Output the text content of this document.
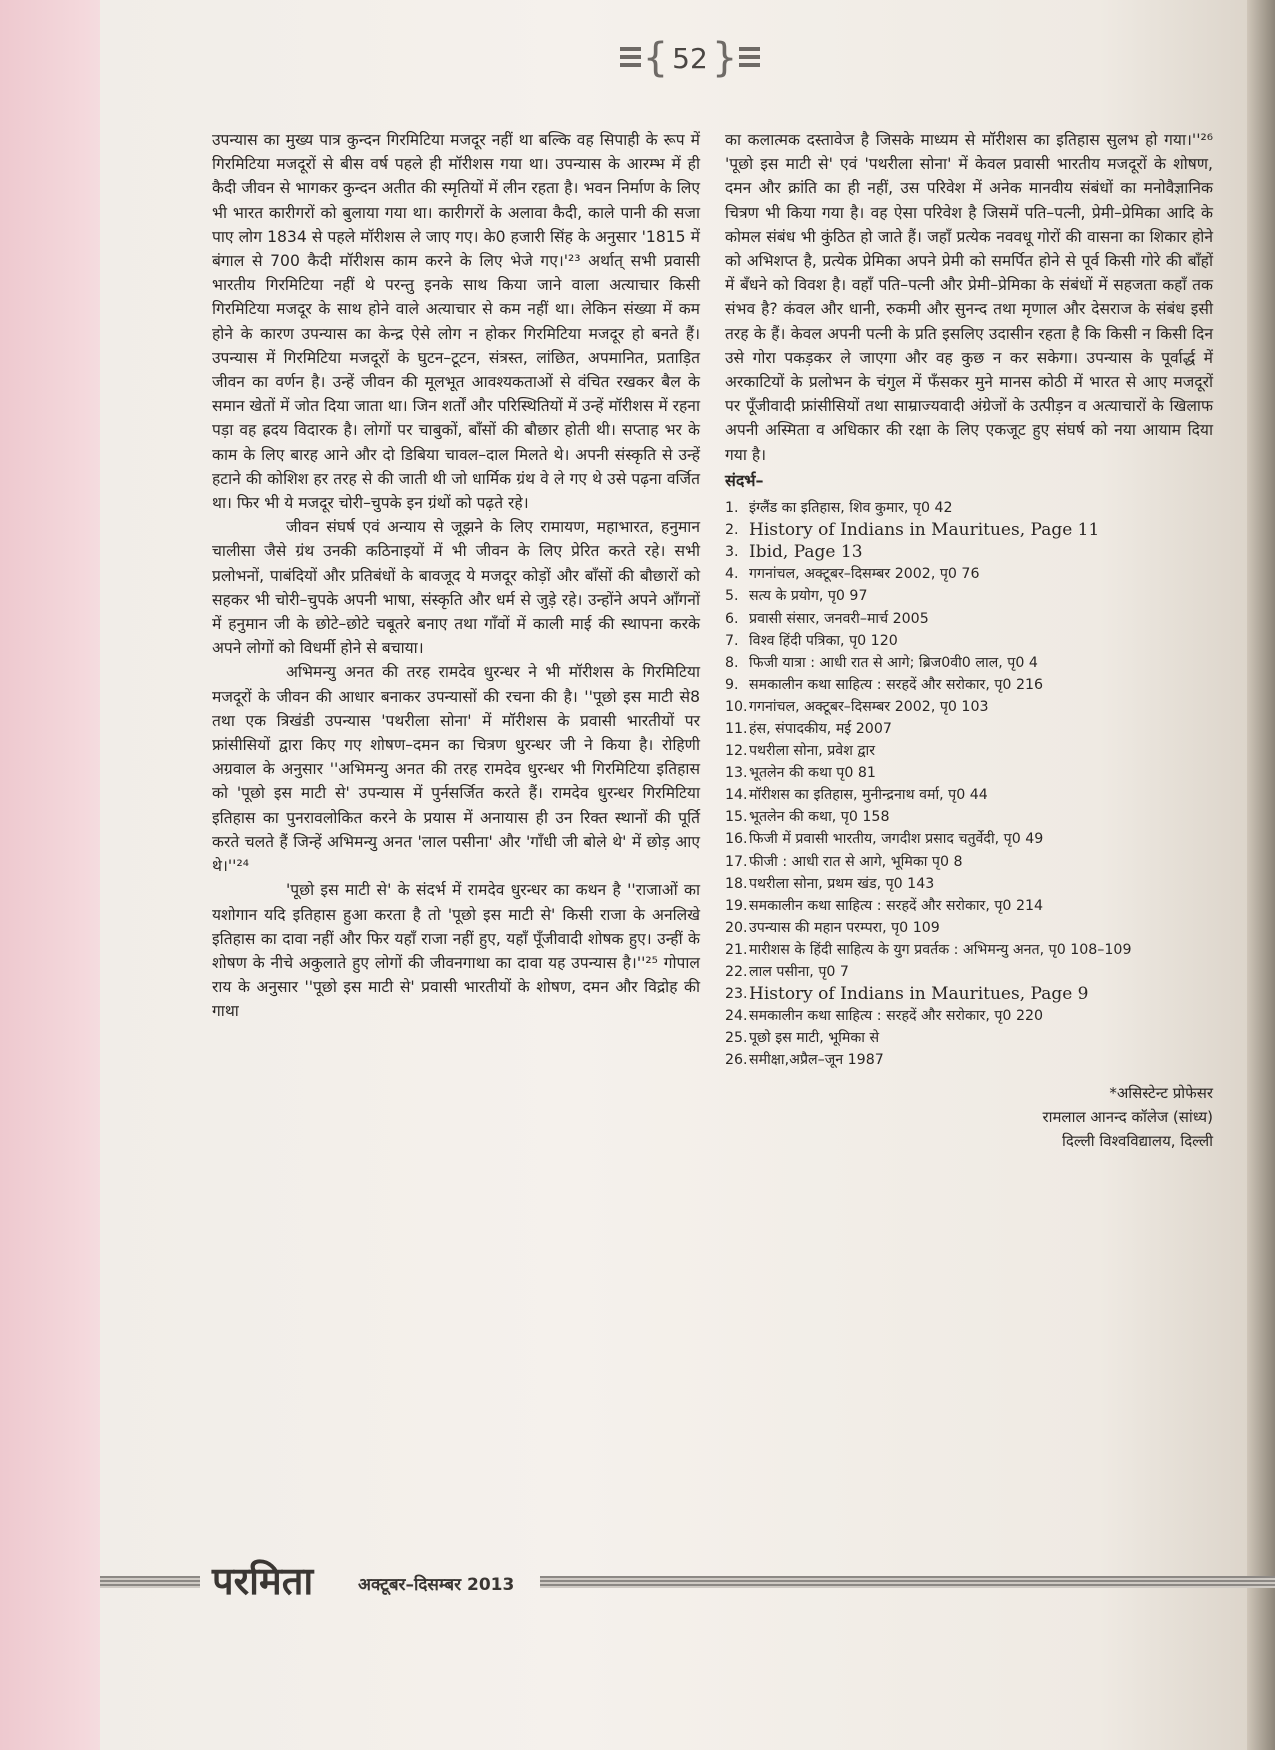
{ 52 }

उपन्यास का मुख्य पात्र कुन्दन गिरमिटिया मजदूर नहीं था बल्कि वह सिपाही के रूप में गिरमिटिया मजदूरों से बीस वर्ष पहले ही मॉरीशस गया था। उपन्यास के आरम्भ में ही कैदी जीवन से भागकर कुन्दन अतीत की स्मृतियों में लीन रहता है। भवन निर्माण के लिए भी भारत कारीगरों को बुलाया गया था। कारीगरों के अलावा कैदी, काले पानी की सजा पाए लोग 1834 से पहले मॉरीशस ले जाए गए। के0 हजारी सिंह के अनुसार '1815 में बंगाल से 700 कैदी मॉरीशस काम करने के लिए भेजे गए।'²³ अर्थात् सभी प्रवासी भारतीय गिरमिटिया नहीं थे परन्तु इनके साथ किया जाने वाला अत्याचार किसी गिरमिटिया मजदूर के साथ होने वाले अत्याचार से कम नहीं था। लेकिन संख्या में कम होने के कारण उपन्यास का केन्द्र ऐसे लोग न होकर गिरमिटिया मजदूर हो बनते हैं। उपन्यास में गिरमिटिया मजदूरों के घुटन–टूटन, संत्रस्त, लांछित, अपमानित, प्रताड़ित जीवन का वर्णन है। उन्हें जीवन की मूलभूत आवश्यकताओं से वंचित रखकर बैल के समान खेतों में जोत दिया जाता था। जिन शर्तों और परिस्थितियों में उन्हें मॉरीशस में रहना पड़ा वह ह्रदय विदारक है। लोगों पर चाबुकों, बाँसों की बौछार होती थी। सप्ताह भर के काम के लिए बारह आने और दो डिबिया चावल–दाल मिलते थे। अपनी संस्कृति से उन्हें हटाने की कोशिश हर तरह से की जाती थी जो धार्मिक ग्रंथ वे ले गए थे उसे पढ़ना वर्जित था। फिर भी ये मजदूर चोरी–चुपके इन ग्रंथों को पढ़ते रहे।

जीवन संघर्ष एवं अन्याय से जूझने के लिए रामायण, महाभारत, हनुमान चालीसा जैसे ग्रंथ उनकी कठिनाइयों में भी जीवन के लिए प्रेरित करते रहे। सभी प्रलोभनों, पाबंदियों और प्रतिबंधों के बावजूद ये मजदूर कोड़ों और बाँसों की बौछारों को सहकर भी चोरी–चुपके अपनी भाषा, संस्कृति और धर्म से जुड़े रहे। उन्होंने अपने आँगनों में हनुमान जी के छोटे–छोटे चबूतरे बनाए तथा गाँवों में काली माई की स्थापना करके अपने लोगों को विधर्मी होने से बचाया।

अभिमन्यु अनत की तरह रामदेव धुरन्धर ने भी मॉरीशस के गिरमिटिया मजदूरों के जीवन की आधार बनाकर उपन्यासों की रचना की है। ''पूछो इस माटी से8 तथा एक त्रिखंडी उपन्यास 'पथरीला सोना' में मॉरीशस के प्रवासी भारतीयों पर फ्रांसीसियों द्वारा किए गए शोषण–दमन का चित्रण धुरन्धर जी ने किया है। रोहिणी अग्रवाल के अनुसार ''अभिमन्यु अनत की तरह रामदेव धुरन्धर भी गिरमिटिया इतिहास को 'पूछो इस माटी से' उपन्यास में पुर्नसर्जित करते हैं। रामदेव धुरन्धर गिरमिटिया इतिहास का पुनरावलोकित करने के प्रयास में अनायास ही उन रिक्त स्थानों की पूर्ति करते चलते हैं जिन्हें अभिमन्यु अनत 'लाल पसीना' और 'गाँधी जी बोले थे' में छोड़ आए थे।''²⁴

'पूछो इस माटी से' के संदर्भ में रामदेव धुरन्धर का कथन है ''राजाओं का यशोगान यदि इतिहास हुआ करता है तो 'पूछो इस माटी से' किसी राजा के अनलिखे इतिहास का दावा नहीं और फिर यहाँ राजा नहीं हुए, यहाँ पूँजीवादी शोषक हुए। उन्हीं के शोषण के नीचे अकुलाते हुए लोगों की जीवनगाथा का दावा यह उपन्यास है।''²⁵ गोपाल राय के अनुसार ''पूछो इस माटी से' प्रवासी भारतीयों के शोषण, दमन और विद्रोह की गाथा

का कलात्मक दस्तावेज है जिसके माध्यम से मॉरीशस का इतिहास सुलभ हो गया।''²⁶ 'पूछो इस माटी से' एवं 'पथरीला सोना' में केवल प्रवासी भारतीय मजदूरों के शोषण, दमन और क्रांति का ही नहीं, उस परिवेश में अनेक मानवीय संबंधों का मनोवैज्ञानिक चित्रण भी किया गया है। वह ऐसा परिवेश है जिसमें पति–पत्नी, प्रेमी–प्रेमिका आदि के कोमल संबंध भी कुंठित हो जाते हैं। जहाँ प्रत्येक नववधू गोरों की वासना का शिकार होने को अभिशप्त है, प्रत्येक प्रेमिका अपने प्रेमी को समर्पित होने से पूर्व किसी गोरे की बाँहों में बँधने को विवश है। वहाँ पति–पत्नी और प्रेमी–प्रेमिका के संबंधों में सहजता कहाँ तक संभव है? कंवल और धानी, रुकमी और सुनन्द तथा मृणाल और देसराज के संबंध इसी तरह के हैं। केवल अपनी पत्नी के प्रति इसलिए उदासीन रहता है कि किसी न किसी दिन उसे गोरा पकड़कर ले जाएगा और वह कुछ न कर सकेगा। उपन्यास के पूर्वार्द्ध में अरकाटियों के प्रलोभन के चंगुल में फँसकर मुने मानस कोठी में भारत से आए मजदूरों पर पूँजीवादी फ्रांसीसियों तथा साम्राज्यवादी अंग्रेजों के उत्पीड़न व अत्याचारों के खिलाफ अपनी अस्मिता व अधिकार की रक्षा के लिए एकजूट हुए संघर्ष को नया आयाम दिया गया है।

संदर्भ–
1. इंग्लैंड का इतिहास, शिव कुमार, पृ0 42
2. History of Indians in Mauritues, Page 11
3. Ibid, Page 13
4. गगनांचल, अक्टूबर–दिसम्बर 2002, पृ0 76
5. सत्य के प्रयोग, पृ0 97
6. प्रवासी संसार, जनवरी–मार्च 2005
7. विश्व हिंदी पत्रिका, पृ0 120
8. फिजी यात्रा : आधी रात से आगे; ब्रिज0वी0 लाल, पृ0 4
9. समकालीन कथा साहित्य : सरहदें और सरोकार, पृ0 216
10. गगनांचल, अक्टूबर–दिसम्बर 2002, पृ0 103
11. हंस, संपादकीय, मई 2007
12. पथरीला सोना, प्रवेश द्वार
13. भूतलेन की कथा पृ0 81
14. मॉरीशस का इतिहास, मुनीन्द्रनाथ वर्मा, पृ0 44
15. भूतलेन की कथा, पृ0 158
16. फिजी में प्रवासी भारतीय, जगदीश प्रसाद चतुर्वेदी, पृ0 49
17. फीजी : आधी रात से आगे, भूमिका पृ0 8
18. पथरीला सोना, प्रथम खंड, पृ0 143
19. समकालीन कथा साहित्य : सरहदें और सरोकार, पृ0 214
20. उपन्यास की महान परम्परा, पृ0 109
21. मारीशस के हिंदी साहित्य के युग प्रवर्तक : अभिमन्यु अनत, पृ0 108–109
22. लाल पसीना, पृ0 7
23. History of Indians in Mauritues, Page 9
24. समकालीन कथा साहित्य : सरहदें और सरोकार, पृ0 220
25. पूछो इस माटी, भूमिका से
26. समीक्षा,अप्रैल–जून 1987
*असिस्टेन्ट प्रोफेसर
रामलाल आनन्द कॉलेज (सांध्य)
दिल्ली विश्वविद्यालय, दिल्ली
परमिता	अक्टूबर–दिसम्बर 2013
